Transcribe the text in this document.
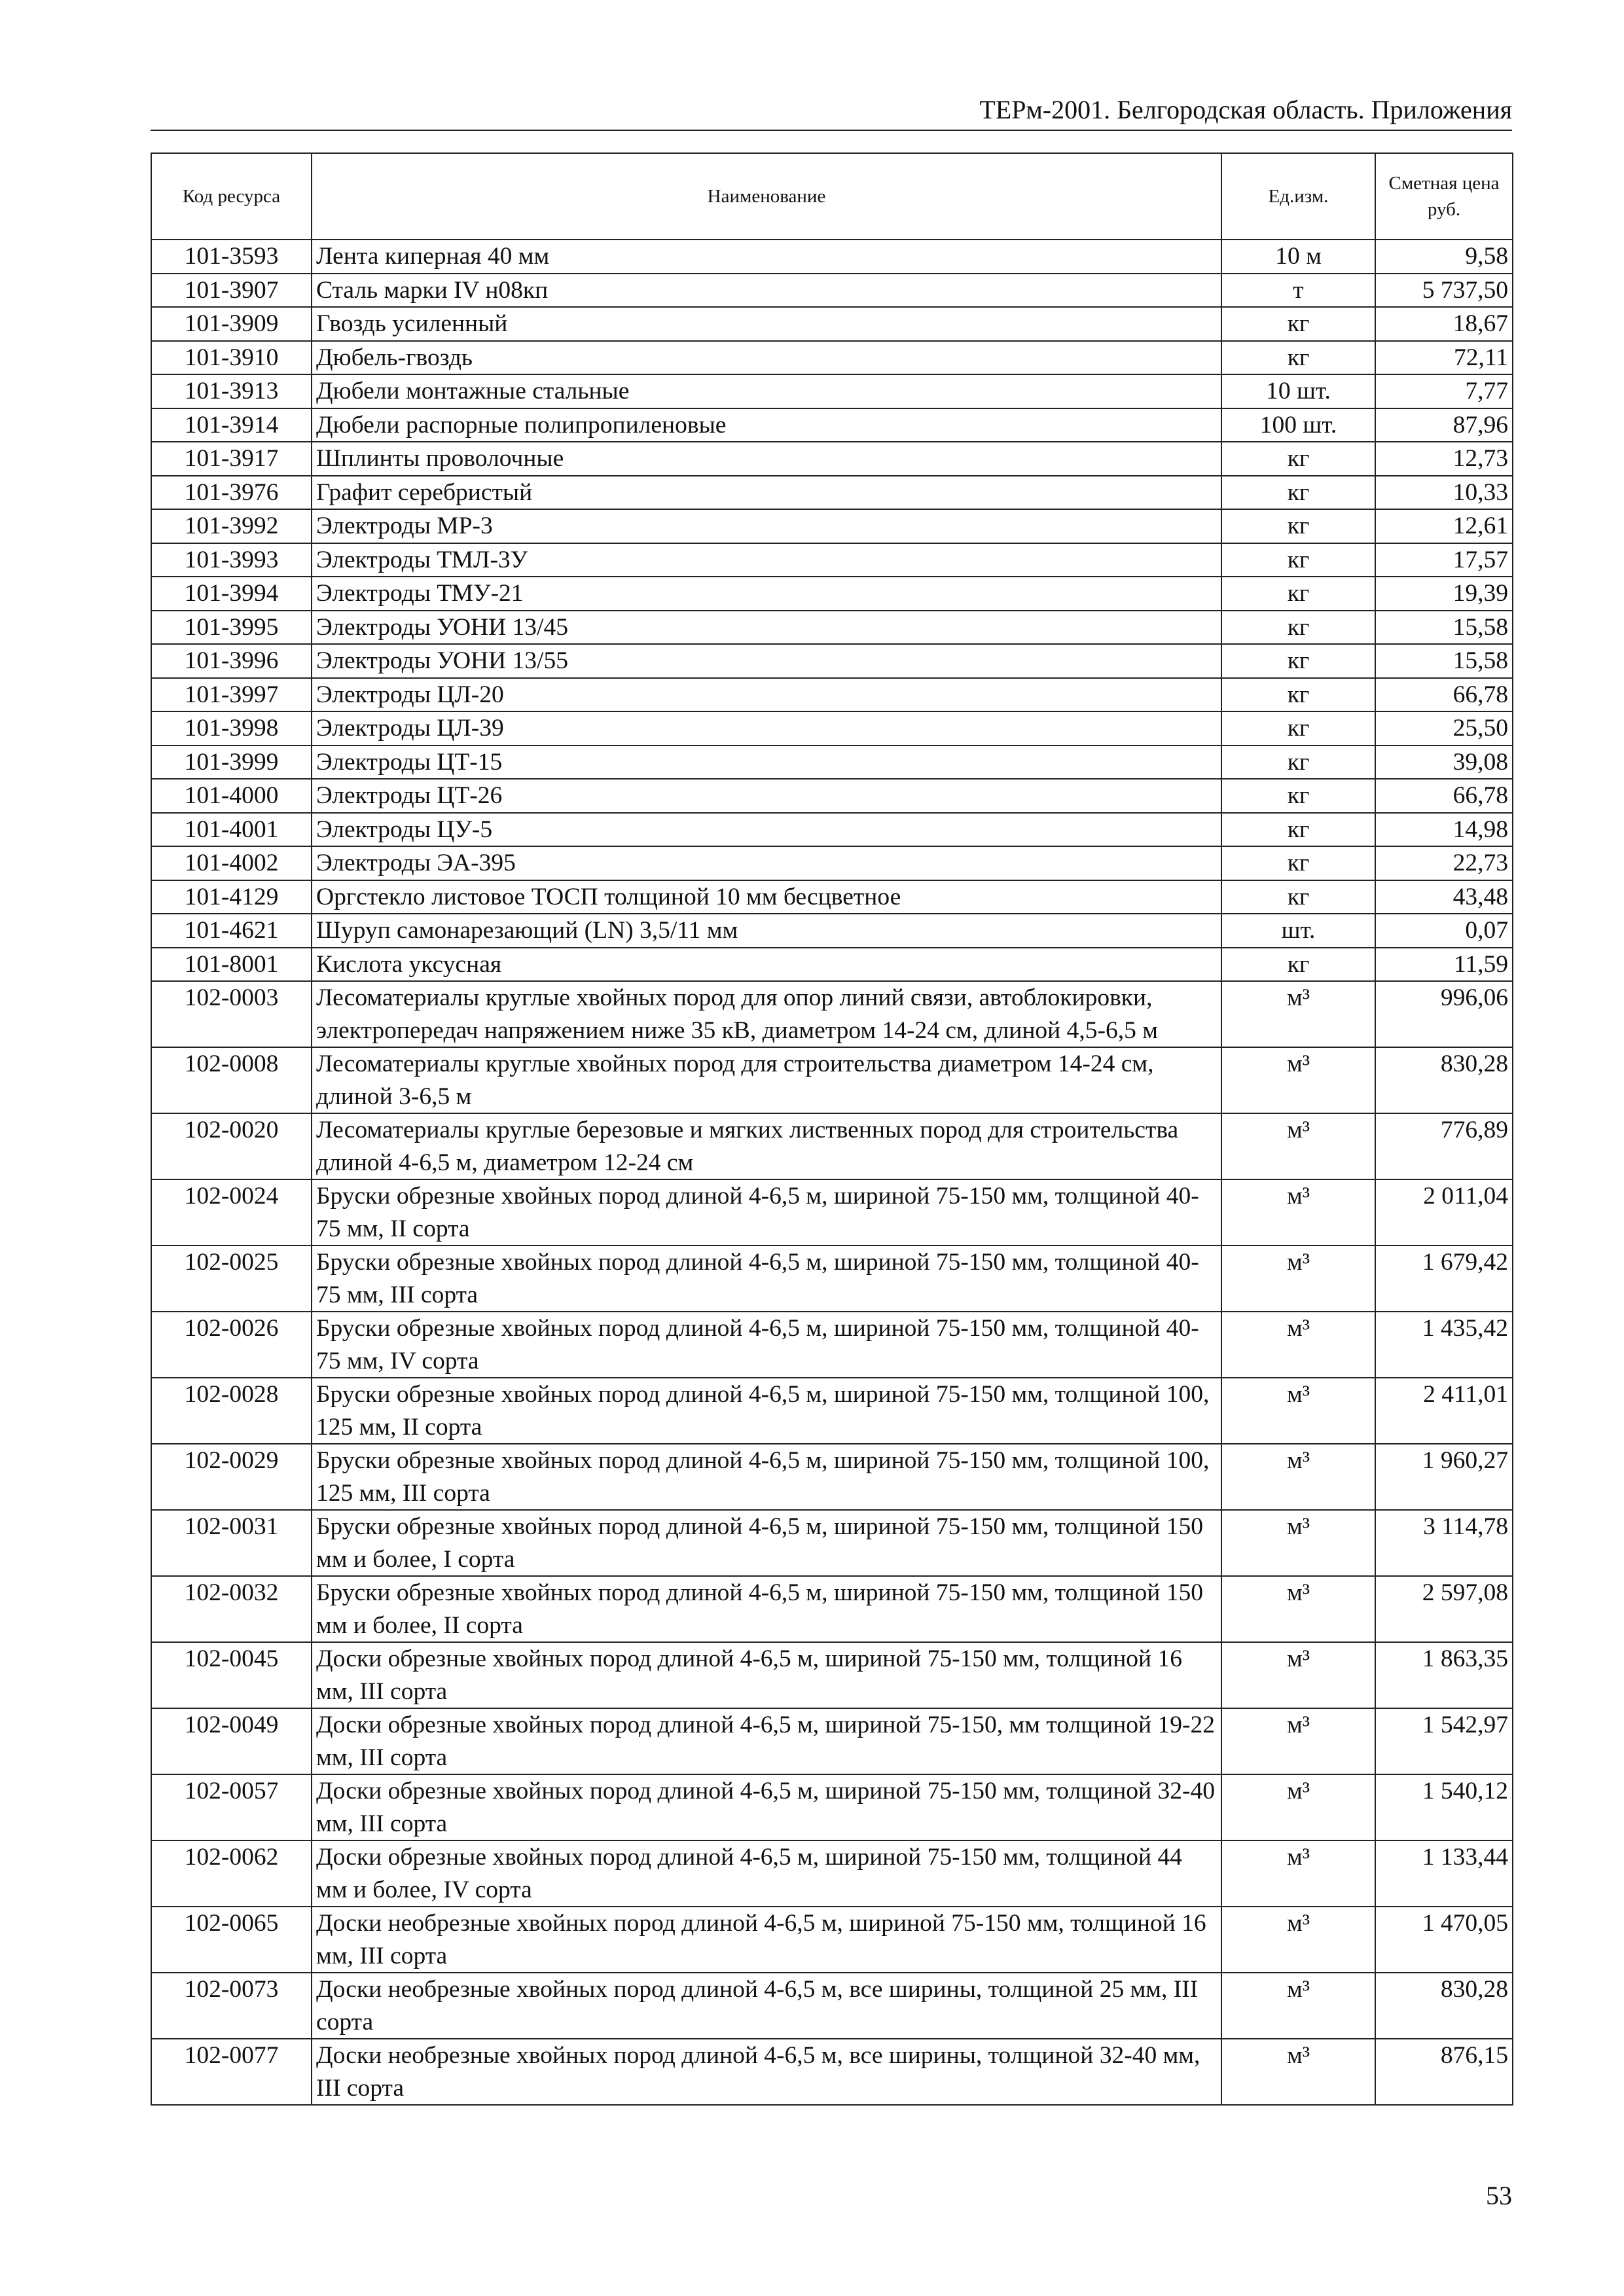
ТЕРм-2001. Белгородская область. Приложения
Код ресурса	Наименование	Ед.изм.	Сметная цена руб.
101-3593	Лента киперная 40 мм	10 м	9,58
101-3907	Сталь марки IV н08кп	т	5 737,50
101-3909	Гвоздь усиленный	кг	18,67
101-3910	Дюбель-гвоздь	кг	72,11
101-3913	Дюбели монтажные стальные	10 шт.	7,77
101-3914	Дюбели распорные полипропиленовые	100 шт.	87,96
101-3917	Шплинты проволочные	кг	12,73
101-3976	Графит серебристый	кг	10,33
101-3992	Электроды МР-3	кг	12,61
101-3993	Электроды ТМЛ-3У	кг	17,57
101-3994	Электроды ТМУ-21	кг	19,39
101-3995	Электроды УОНИ 13/45	кг	15,58
101-3996	Электроды УОНИ 13/55	кг	15,58
101-3997	Электроды ЦЛ-20	кг	66,78
101-3998	Электроды ЦЛ-39	кг	25,50
101-3999	Электроды ЦТ-15	кг	39,08
101-4000	Электроды ЦТ-26	кг	66,78
101-4001	Электроды ЦУ-5	кг	14,98
101-4002	Электроды ЭА-395	кг	22,73
101-4129	Оргстекло листовое ТОСП толщиной 10 мм бесцветное	кг	43,48
101-4621	Шуруп самонарезающий (LN) 3,5/11 мм	шт.	0,07
101-8001	Кислота уксусная	кг	11,59
102-0003	Лесоматериалы круглые хвойных пород для опор линий связи, автоблокировки, электропередач напряжением ниже 35 кВ, диаметром 14-24 см, длиной 4,5-6,5 м	м³	996,06
102-0008	Лесоматериалы круглые хвойных пород для строительства диаметром 14-24 см, длиной 3-6,5 м	м³	830,28
102-0020	Лесоматериалы круглые березовые и мягких лиственных пород для строительства длиной 4-6,5 м, диаметром 12-24 см	м³	776,89
102-0024	Бруски обрезные хвойных пород длиной 4-6,5 м, шириной 75-150 мм, толщиной 40-75 мм, II сорта	м³	2 011,04
102-0025	Бруски обрезные хвойных пород длиной 4-6,5 м, шириной 75-150 мм, толщиной 40-75 мм, III сорта	м³	1 679,42
102-0026	Бруски обрезные хвойных пород длиной 4-6,5 м, шириной 75-150 мм, толщиной 40-75 мм, IV сорта	м³	1 435,42
102-0028	Бруски обрезные хвойных пород длиной 4-6,5 м, шириной 75-150 мм, толщиной 100, 125 мм, II сорта	м³	2 411,01
102-0029	Бруски обрезные хвойных пород длиной 4-6,5 м, шириной 75-150 мм, толщиной 100, 125 мм, III сорта	м³	1 960,27
102-0031	Бруски обрезные хвойных пород длиной 4-6,5 м, шириной 75-150 мм, толщиной 150 мм и более, I сорта	м³	3 114,78
102-0032	Бруски обрезные хвойных пород длиной 4-6,5 м, шириной 75-150 мм, толщиной 150 мм и более, II сорта	м³	2 597,08
102-0045	Доски обрезные хвойных пород длиной 4-6,5 м, шириной 75-150 мм, толщиной 16 мм, III сорта	м³	1 863,35
102-0049	Доски обрезные хвойных пород длиной 4-6,5 м, шириной 75-150, мм толщиной 19-22 мм, III сорта	м³	1 542,97
102-0057	Доски обрезные хвойных пород длиной 4-6,5 м, шириной 75-150 мм, толщиной 32-40 мм, III сорта	м³	1 540,12
102-0062	Доски обрезные хвойных пород длиной 4-6,5 м, шириной 75-150 мм, толщиной 44 мм и более, IV сорта	м³	1 133,44
102-0065	Доски необрезные хвойных пород длиной 4-6,5 м, шириной 75-150 мм, толщиной 16 мм, III сорта	м³	1 470,05
102-0073	Доски необрезные хвойных пород длиной 4-6,5 м, все ширины, толщиной 25 мм, III сорта	м³	830,28
102-0077	Доски необрезные хвойных пород длиной 4-6,5 м, все ширины, толщиной 32-40 мм, III сорта	м³	876,15
53
